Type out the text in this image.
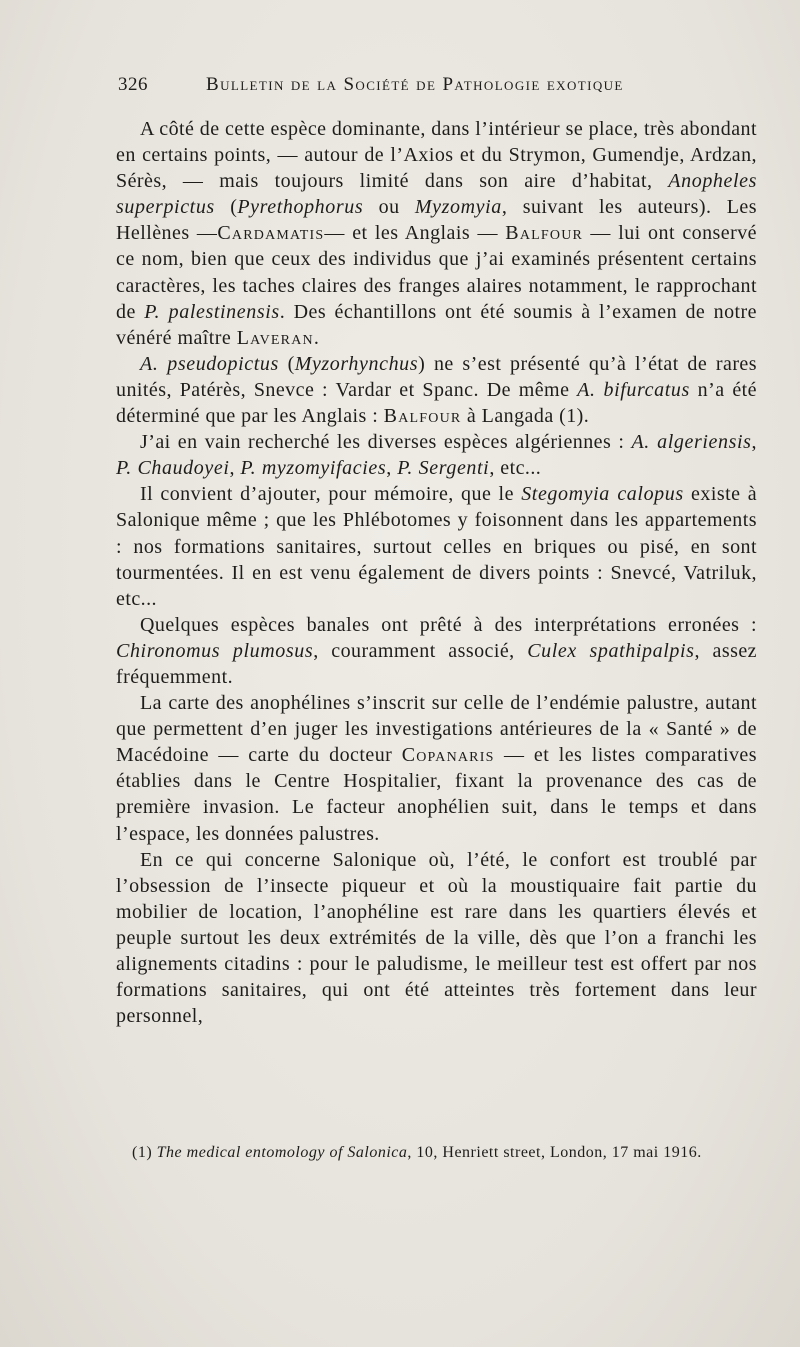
326	Bulletin de la Société de Pathologie exotique

A côté de cette espèce dominante, dans l’intérieur se place, très abondant en certains points, — autour de l’Axios et du Strymon, Gumendje, Ardzan, Sérès, — mais toujours limité dans son aire d’habitat, Anopheles superpictus (Pyrethophorus ou Myzomyia, suivant les auteurs). Les Hellènes —Cardamatis— et les Anglais — Balfour — lui ont conservé ce nom, bien que ceux des individus que j’ai examinés présentent certains caractères, les taches claires des franges alaires notamment, le rapprochant de P. palestinensis. Des échantillons ont été soumis à l’examen de notre vénéré maître Laveran.

A. pseudopictus (Myzorhynchus) ne s’est présenté qu’à l’état de rares unités, Patérès, Snevce : Vardar et Spanc. De même A. bifurcatus n’a été déterminé que par les Anglais : Balfour à Langada (1).

J’ai en vain recherché les diverses espèces algériennes : A. algeriensis, P. Chaudoyei, P. myzomyifacies, P. Sergenti, etc...

Il convient d’ajouter, pour mémoire, que le Stegomyia calopus existe à Salonique même ; que les Phlébotomes y foisonnent dans les appartements : nos formations sanitaires, surtout celles en briques ou pisé, en sont tourmentées. Il en est venu également de divers points : Snevcé, Vatriluk, etc...

Quelques espèces banales ont prêté à des interprétations erronées : Chironomus plumosus, couramment associé, Culex spathipalpis, assez fréquemment.

La carte des anophélines s’inscrit sur celle de l’endémie palustre, autant que permettent d’en juger les investigations antérieures de la « Santé » de Macédoine — carte du docteur Copanaris — et les listes comparatives établies dans le Centre Hospitalier, fixant la provenance des cas de première invasion. Le facteur anophélien suit, dans le temps et dans l’espace, les données palustres.

En ce qui concerne Salonique où, l’été, le confort est troublé par l’obsession de l’insecte piqueur et où la moustiquaire fait partie du mobilier de location, l’anophéline est rare dans les quartiers élevés et peuple surtout les deux extrémités de la ville, dès que l’on a franchi les alignements citadins : pour le paludisme, le meilleur test est offert par nos formations sanitaires, qui ont été atteintes très fortement dans leur personnel,

(1) The medical entomology of Salonica, 10, Henriett street, London, 17 mai 1916.
